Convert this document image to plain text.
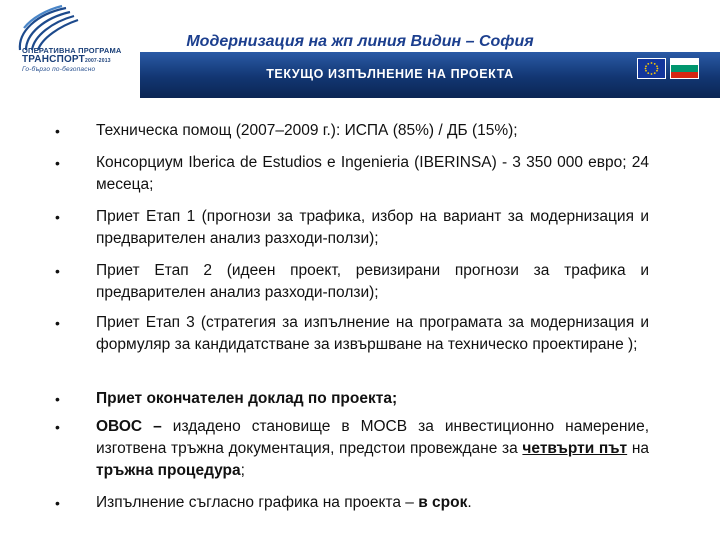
ОПЕРАТИВНА ПРОГРАМА
ТРАНСПОРТ2007-2013
Го-бързо по-безопасно
Модернизация на жп линия Видин – София
ТЕКУЩО ИЗПЪЛНЕНИЕ НА ПРОЕКТА
• Техническа помощ (2007–2009 г.): ИСПА (85%) / ДБ (15%);
• Консорциум Iberica de Estudios e Ingenieria (IBERINSA) - 3 350 000 евро; 24 месеца;
• Приет Етап 1 (прогнози за трафика, избор на вариант за модернизация и предварителен анализ разходи-ползи);
• Приет Етап 2 (идеен проект, ревизирани прогнози за трафика и предварителен анализ разходи-ползи);
• Приет Етап 3 (стратегия за изпълнение на програмата за модернизация и формуляр за кандидатстване за извършване на техническо проектиране );
• Приет окончателен доклад по проекта;
• ОВОС – издадено становище в МОСВ за инвестиционно намерение, изготвена тръжна документация, предстои провеждане за четвърти път на тръжна процедура;
• Изпълнение съгласно графика на проекта – в срок.
